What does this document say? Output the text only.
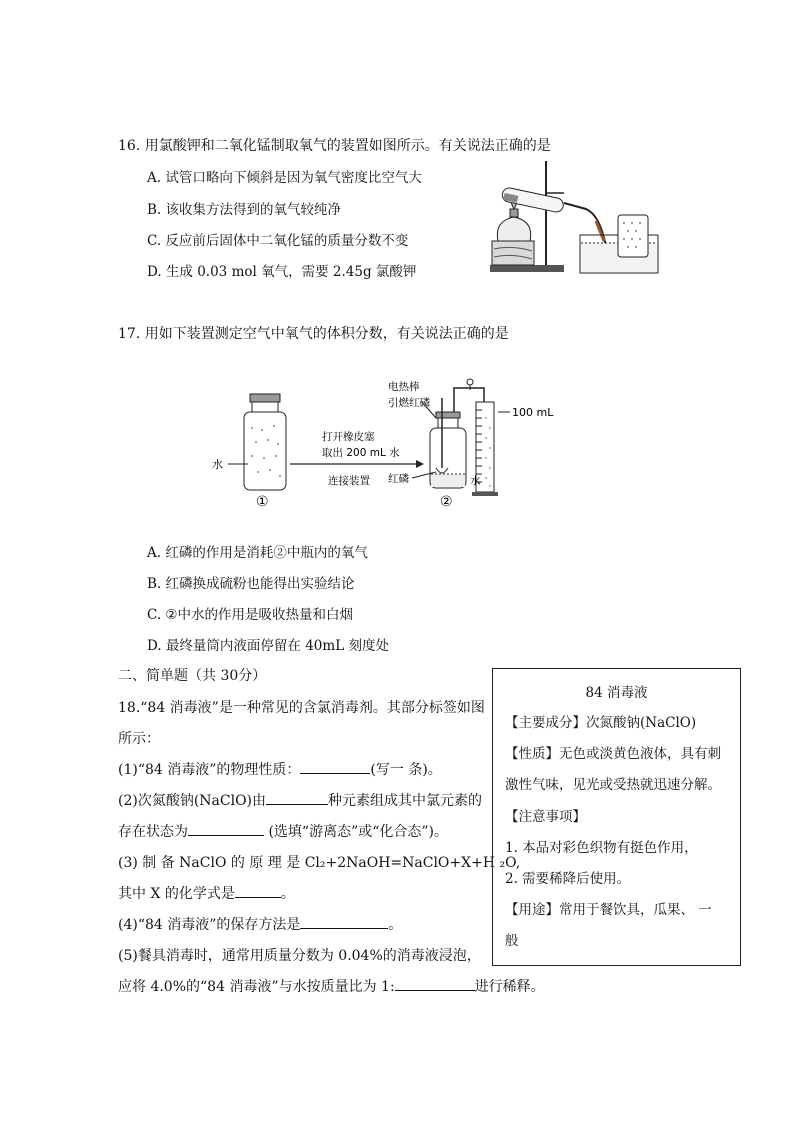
16. 用氯酸钾和二氧化锰制取氧气的装置如图所示。有关说法正确的是
A. 试管口略向下倾斜是因为氧气密度比空气大
B. 该收集方法得到的氧气较纯净
C. 反应前后固体中二氧化锰的质量分数不变
D. 生成 0.03 mol 氧气，需要 2.45g 氯酸钾
17. 用如下装置测定空气中氧气的体积分数，有关说法正确的是
水
①
打开橡皮塞
取出 200 mL 水
连接装置
电热棒
引燃红磷
红磷
②
100 mL
水
A. 红磷的作用是消耗②中瓶内的氧气
B. 红磷换成硫粉也能得出实验结论
C. ②中水的作用是吸收热量和白烟
D. 最终量筒内液面停留在 40mL 刻度处
二、简单题（共 30分）
18.“84 消毒液”是一种常见的含氯消毒剂。其部分标签如图
所示：
(1)“84 消毒液”的物理性质：	(写一 条)。
(2)次氮酸钠(NaClO)由	种元素组成其中氯元素的
存在状态为	(选填“游离态”或“化合态”)。
(3) 制 备 NaClO 的 原 理 是 Cl₂+2NaOH=NaClO+X+H ₂O,
其中 X 的化学式是	。
(4)“84 消毒液”的保存方法是	。
(5)餐具消毒时，通常用质量分数为 0.04%的消毒液浸泡，
应将 4.0%的“84 消毒液”与水按质量比为 1:	进行稀释。
84 消毒液
【主要成分】次氮酸钠(NaClO)
【性质】无色或淡黄色液体，具有刺
激性气味，见光或受热就迅速分解。
【注意事项】
1. 本品对彩色织物有挺色作用，
2. 需要稀降后使用。
【用途】常用于餐饮具，瓜果、 一
般
